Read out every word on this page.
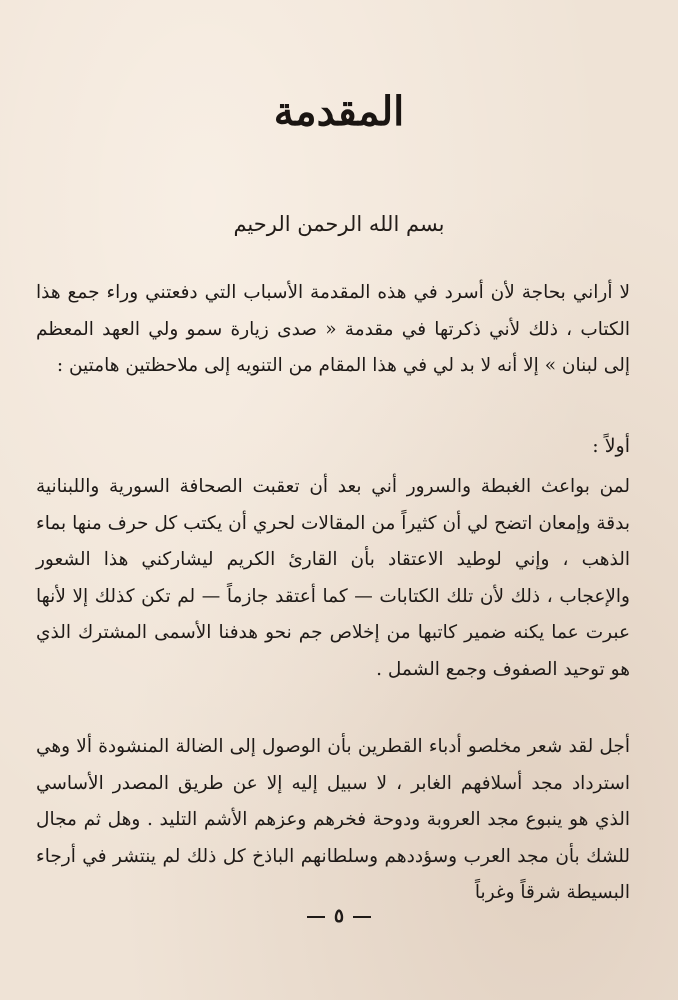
المقدمة
بسم الله الرحمن الرحيم

لا أراني بحاجة لأن أسرد في هذه المقدمة الأسباب التي دفعتني وراء جمع هذا الكتاب ، ذلك لأني ذكرتها في مقدمة « صدى زيارة سمو ولي العهد المعظم إلى لبنان » إلا أنه لا بد لي في هذا المقام من التنويه إلى ملاحظتين هامتين :

أولاً :

لمن بواعث الغبطة والسرور أني بعد أن تعقبت الصحافة السورية واللبنانية بدقة وإمعان اتضح لي أن كثيراً من المقالات لحري أن يكتب كل حرف منها بماء الذهب ، وإني لوطيد الاعتقاد بأن القارئ الكريم ليشاركني هذا الشعور والإعجاب ، ذلك لأن تلك الكتابات — كما أعتقد جازماً — لم تكن كذلك إلا لأنها عبرت عما يكنه ضمير كاتبها من إخلاص جم نحو هدفنا الأسمى المشترك الذي هو توحيد الصفوف وجمع الشمل .

أجل لقد شعر مخلصو أدباء القطرين بأن الوصول إلى الضالة المنشودة ألا وهي استرداد مجد أسلافهم الغابر ، لا سبيل إليه إلا عن طريق المصدر الأساسي الذي هو ينبوع مجد العروبة ودوحة فخرهم وعزهم الأشم التليد . وهل ثم مجال للشك بأن مجد العرب وسؤددهم وسلطانهم الباذخ كل ذلك لم ينتشر في أرجاء البسيطة شرقاً وغرباً

٥
